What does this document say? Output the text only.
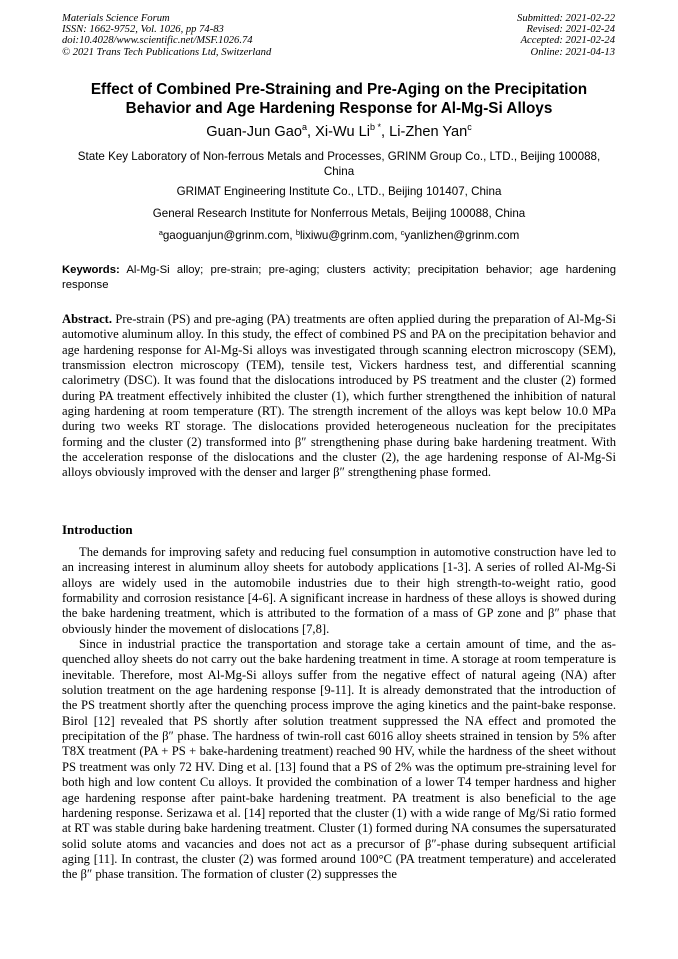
Materials Science Forum
ISSN: 1662-9752, Vol. 1026, pp 74-83
doi:10.4028/www.scientific.net/MSF.1026.74
© 2021 Trans Tech Publications Ltd, Switzerland
Submitted: 2021-02-22
Revised: 2021-02-24
Accepted: 2021-02-24
Online: 2021-04-13
Effect of Combined Pre-Straining and Pre-Aging on the Precipitation Behavior and Age Hardening Response for Al-Mg-Si Alloys
Guan-Jun Gao$^a$, Xi-Wu $Li^{b *}$, Li-Zhen Yan$^c$
State Key Laboratory of Non-ferrous Metals and Processes, GRINM Group Co., LTD., Beijing 100088, China
GRIMAT Engineering Institute Co., LTD., Beijing 101407, China
General Research Institute for Nonferrous Metals, Beijing 100088, China
$^a$gaoguanjun@grinm.com, $^b$lixiwu@grinm.com, $^c$yanlizhen@grinm.com
Keywords: Al-Mg-Si alloy; pre-strain; pre-aging; clusters activity; precipitation behavior; age hardening response
Abstract. Pre-strain (PS) and pre-aging (PA) treatments are often applied during the preparation of Al-Mg-Si automotive aluminum alloy. In this study, the effect of combined PS and PA on the precipitation behavior and age hardening response for Al-Mg-Si alloys was investigated through scanning electron microscopy (SEM), transmission electron microscopy (TEM), tensile test, Vickers hardness test, and differential scanning calorimetry (DSC). It was found that the dislocations introduced by PS treatment and the cluster (2) formed during PA treatment effectively inhibited the cluster (1), which further strengthened the inhibition of natural aging hardening at room temperature (RT). The strength increment of the alloys was kept below 10.0 MPa during two weeks RT storage. The dislocations provided heterogeneous nucleation for the precipitates forming and the cluster (2) transformed into β″ strengthening phase during bake hardening treatment. With the acceleration response of the dislocations and the cluster (2), the age hardening response of Al-Mg-Si alloys obviously improved with the denser and larger β″ strengthening phase formed.
Introduction

The demands for improving safety and reducing fuel consumption in automotive construction have led to an increasing interest in aluminum alloy sheets for autobody applications [1-3]. A series of rolled Al-Mg-Si alloys are widely used in the automobile industries due to their high strength-to-weight ratio, good formability and corrosion resistance [4-6]. A significant increase in hardness of these alloys is showed during the bake hardening treatment, which is attributed to the formation of a mass of GP zone and β″ phase that obviously hinder the movement of dislocations [7,8].

Since in industrial practice the transportation and storage take a certain amount of time, and the as-quenched alloy sheets do not carry out the bake hardening treatment in time. A storage at room temperature is inevitable. Therefore, most Al-Mg-Si alloys suffer from the negative effect of natural ageing (NA) after solution treatment on the age hardening response [9-11]. It is already demonstrated that the introduction of the PS treatment shortly after the quenching process improve the aging kinetics and the paint-bake response. Birol [12] revealed that PS shortly after solution treatment suppressed the NA effect and promoted the precipitation of the β″ phase. The hardness of twin-roll cast 6016 alloy sheets strained in tension by 5% after T8X treatment (PA + PS + bake-hardening treatment) reached 90 HV, while the hardness of the sheet without PS treatment was only 72 HV. Ding et al. [13] found that a PS of 2% was the optimum pre-straining level for both high and low content Cu alloys. It provided the combination of a lower T4 temper hardness and higher age hardening response after paint-bake hardening treatment. PA treatment is also beneficial to the age hardening response. Serizawa et al. [14] reported that the cluster (1) with a wide range of Mg/Si ratio formed at RT was stable during bake hardening treatment. Cluster (1) formed during NA consumes the supersaturated solid solute atoms and vacancies and does not act as a precursor of β″-phase during subsequent artificial aging [11]. In contrast, the cluster (2) was formed around 100°C (PA treatment temperature) and accelerated the β″ phase transition. The formation of cluster (2) suppresses the
